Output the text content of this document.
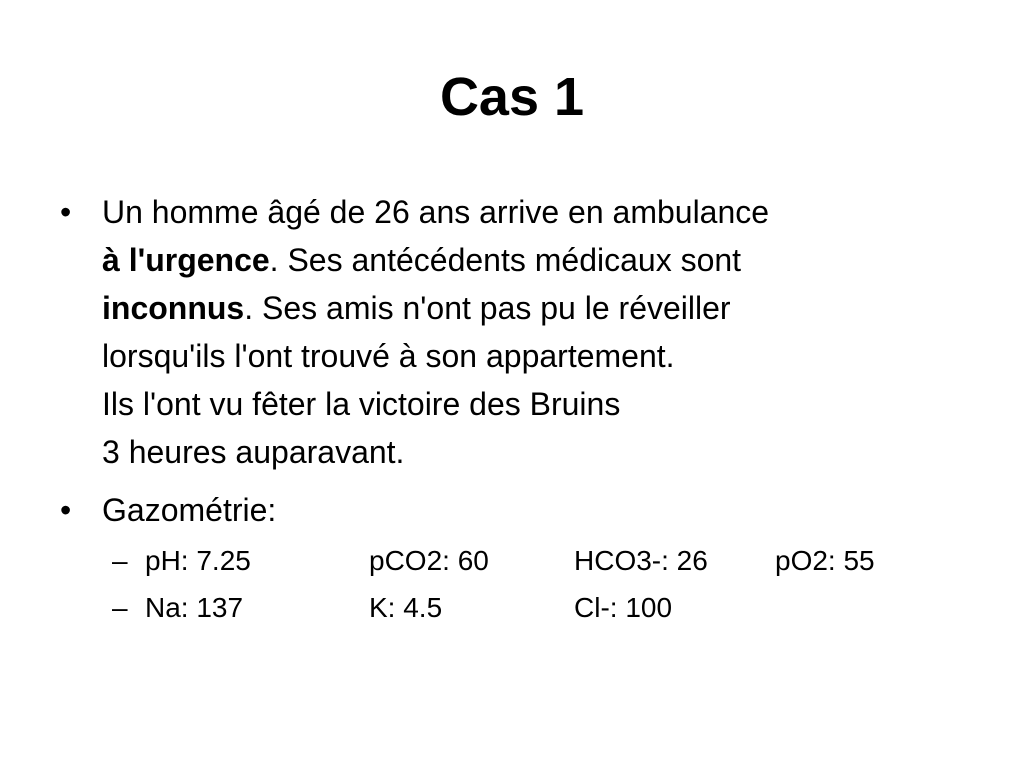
Cas 1
• Un homme âgé de 26 ans arrive en ambulance
à l'urgence. Ses antécédents médicaux sont
inconnus. Ses amis n'ont pas pu le réveiller
lorsqu'ils l'ont trouvé à son appartement.
Ils l'ont vu fêter la victoire des Bruins
3 heures auparavant.
• Gazométrie:
– pH: 7.25	pCO2: 60	HCO3-: 26 pO2: 55
– Na: 137	K: 4.5	Cl-: 100
